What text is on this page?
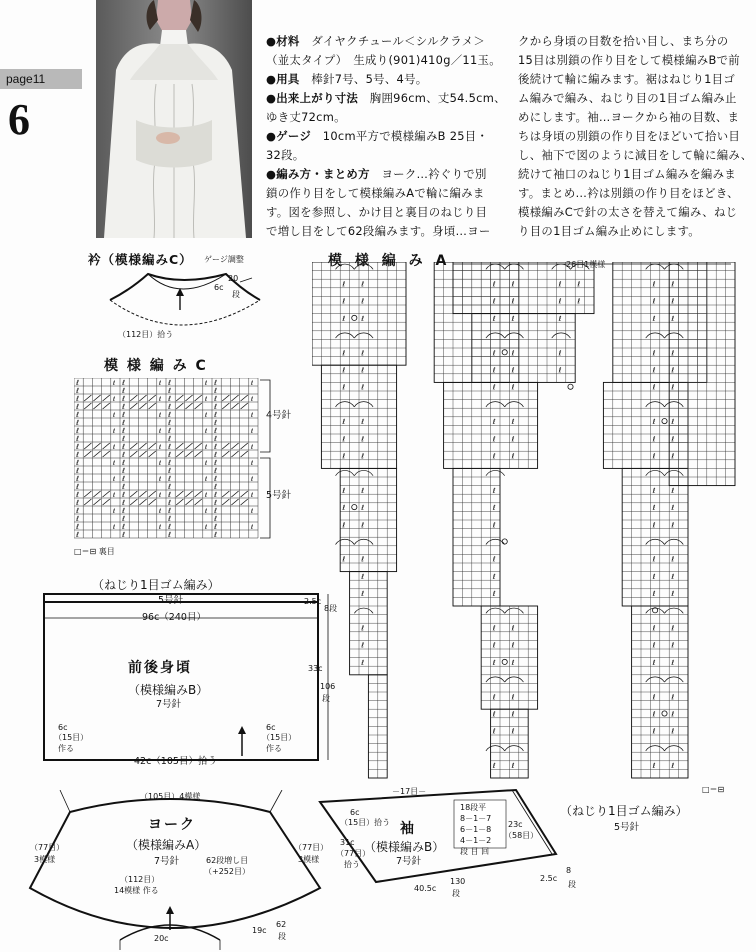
page11
6
●材料　ダイヤクチュール＜シルクラメ＞
（並太タイプ）　生成り(901)410g／11玉。
●用具　棒針7号、5号、4号。
●出来上がり寸法　胸囲96cm、丈54.5cm、
ゆき丈72cm。
●ゲージ　10cm平方で模様編みB 25目・
32段。
●編み方・まとめ方　ヨーク…衿ぐりで別
鎖の作り目をして模様編みAで輪に編みま
す。図を参照し、かけ目と裏目のねじり目
で増し目をして62段編みます。身頃…ヨー
クから身頃の目数を拾い目し、まち分の
15目は別鎖の作り目をして模様編みBで前
後続けて輪に編みます。裾はねじり1目ゴ
ム編みで編み、ねじり目の1目ゴム編み止
めにします。袖…ヨークから袖の目数、ま
ちは身頃の別鎖の作り目をほどいて拾い目
し、袖下で図のように減目をして輪に編み、
続けて袖口のねじり1目ゴム編みを編みま
す。まとめ…衿は別鎖の作り目をほどき、
模様編みCで針の太さを替えて編み、ねじ
り目の1目ゴム編み止めにします。
衿（模様編みC） ゲージ調整
6c
20
段
（112目）拾う
模 様 編 み C
ℓ	ℓ ℓ	ℓ ℓ	ℓ ℓ	ℓ
ℓ	ℓ	ℓ	ℓ
ℓ	ℓ ℓ	ℓ ℓ	ℓ ℓ	ℓ
ℓ	ℓ	ℓ	ℓ
ℓ	ℓ ℓ	ℓ ℓ	ℓ ℓ	ℓ
ℓ	ℓ	ℓ	ℓ
ℓ	ℓ ℓ	ℓ ℓ	ℓ ℓ	ℓ
ℓ	ℓ	ℓ	ℓ
ℓ	ℓ ℓ	ℓ ℓ	ℓ ℓ	ℓ
ℓ	ℓ	ℓ	ℓ
ℓ	ℓ ℓ	ℓ ℓ	ℓ ℓ	ℓ
ℓ	ℓ	ℓ	ℓ
ℓ	ℓ ℓ	ℓ ℓ	ℓ ℓ	ℓ
ℓ	ℓ	ℓ	ℓ
ℓ	ℓ ℓ	ℓ ℓ	ℓ ℓ	ℓ
ℓ	ℓ	ℓ	ℓ
ℓ	ℓ ℓ	ℓ ℓ	ℓ ℓ	ℓ
ℓ	ℓ	ℓ	ℓ
ℓ	ℓ ℓ	ℓ ℓ	ℓ ℓ	ℓ
ℓ	ℓ	ℓ	ℓ
4号針
5号針
□＝⊟ 裏目
模 様 編 み A	26目1模様
ℓ ℓ	ℓ ℓ	ℓ ℓ	ℓ ℓ
ℓ ℓ	ℓ ℓ	ℓ ℓ	ℓ ℓ
ℓ ℓ	ℓ ℓ	ℓ	ℓ ℓ
ℓ ℓ	ℓ ℓ	ℓ	ℓ ℓ
ℓ ℓ	ℓ ℓ	ℓ	ℓ ℓ
ℓ ℓ	ℓ ℓ	ℓ ℓ
ℓ ℓ	ℓ ℓ	ℓ ℓ
ℓ ℓ	ℓ ℓ	ℓ ℓ
ℓ ℓ	ℓ ℓ	ℓ ℓ
ℓ ℓ	ℓ	ℓ ℓ
ℓ ℓ	ℓ	ℓ ℓ
ℓ ℓ	ℓ	ℓ ℓ
ℓ ℓ	ℓ	ℓ ℓ
ℓ	ℓ	ℓ ℓ
ℓ	ℓ	ℓ ℓ
ℓ	ℓ ℓ	ℓ ℓ
ℓ	ℓ ℓ	ℓ ℓ
ℓ	ℓ ℓ	ℓ ℓ
ℓ ℓ	ℓ ℓ
ℓ ℓ	ℓ ℓ
ℓ ℓ	ℓ ℓ
ℓ ℓ	ℓ ℓ
□＝⊟
（ねじり1目ゴム編み）
5号針
96c（240目）
前後身頃
（模様編みB）
7号針
6c
（15目）
作る
6c
（15目）
作る
42c（105目）拾う
2.5c
8段
33c
106
段
（105目）4模様
ヨーク
（模様編みA）
7号針	62段増し目
（+252目）
（77目）
3模様
（77目）
3模様
（112目）
14模様 作る
20c
19c
62
段
－17目－
6c
（15目）拾う 袖
（模様編みB）
7号針
31c
（77目）
拾う
18段平
8－1－7
6－1－8
4－1－2
段 目 回
23c
（58目）
40.5c
130
段
2.5c
8
段
（ねじり1目ゴム編み）
5号針
